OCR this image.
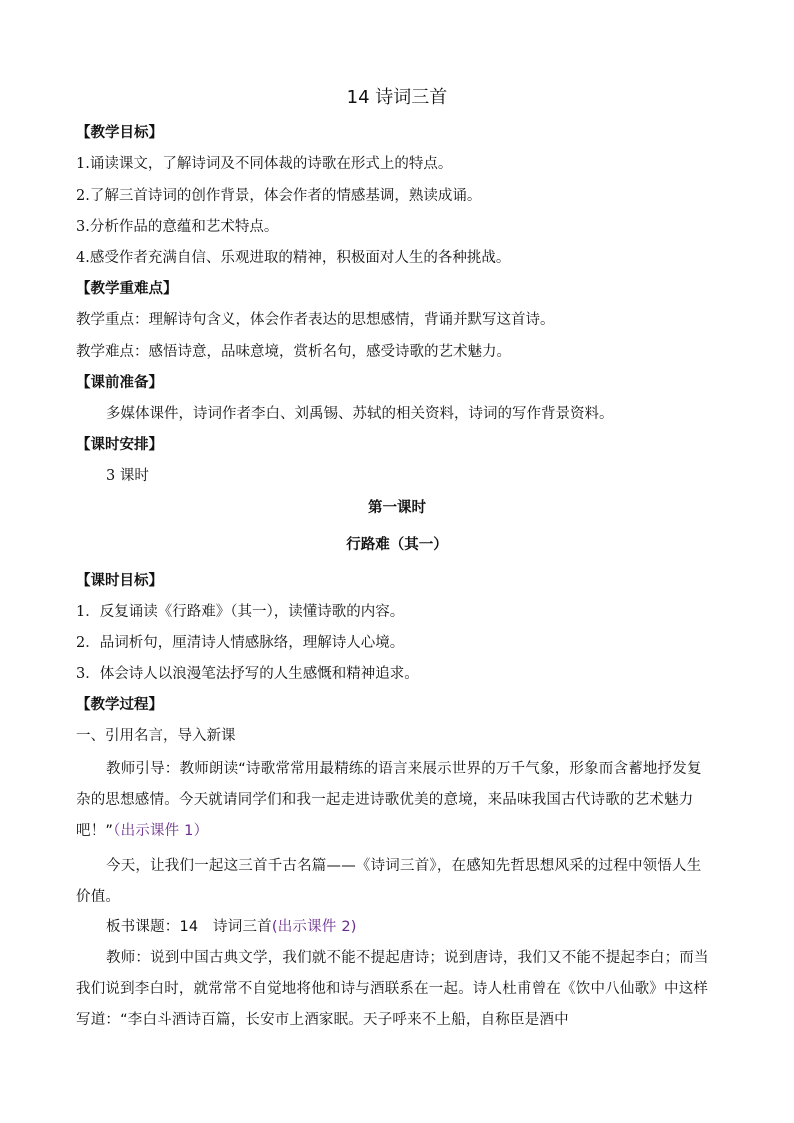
14 诗词三首
【教学目标】
1.诵读课文，了解诗词及不同体裁的诗歌在形式上的特点。
2.了解三首诗词的创作背景，体会作者的情感基调，熟读成诵。
3.分析作品的意蕴和艺术特点。
4.感受作者充满自信、乐观进取的精神，积极面对人生的各种挑战。
【教学重难点】
教学重点：理解诗句含义，体会作者表达的思想感情，背诵并默写这首诗。
教学难点：感悟诗意，品味意境，赏析名句，感受诗歌的艺术魅力。
【课前准备】
多媒体课件，诗词作者李白、刘禹锡、苏轼的相关资料，诗词的写作背景资料。
【课时安排】
3 课时
第一课时
行路难（其一）
【课时目标】
1．反复诵读《行路难》（其一），读懂诗歌的内容。
2．品词析句，厘清诗人情感脉络，理解诗人心境。
3．体会诗人以浪漫笔法抒写的人生感慨和精神追求。
【教学过程】
一、引用名言，导入新课
教师引导：教师朗读“诗歌常常用最精练的语言来展示世界的万千气象，形象而含蓄地抒发复杂的思想感情。今天就请同学们和我一起走进诗歌优美的意境，来品味我国古代诗歌的艺术魅力吧！”（出示课件 1）
今天，让我们一起这三首千古名篇——《诗词三首》，在感知先哲思想风采的过程中领悟人生价值。
板书课题：14　诗词三首(出示课件 2)
教师：说到中国古典文学，我们就不能不提起唐诗；说到唐诗，我们又不能不提起李白；而当我们说到李白时，就常常不自觉地将他和诗与酒联系在一起。诗人杜甫曾在《饮中八仙歌》中这样写道：“李白斗酒诗百篇，长安市上酒家眠。天子呼来不上船，自称臣是酒中
